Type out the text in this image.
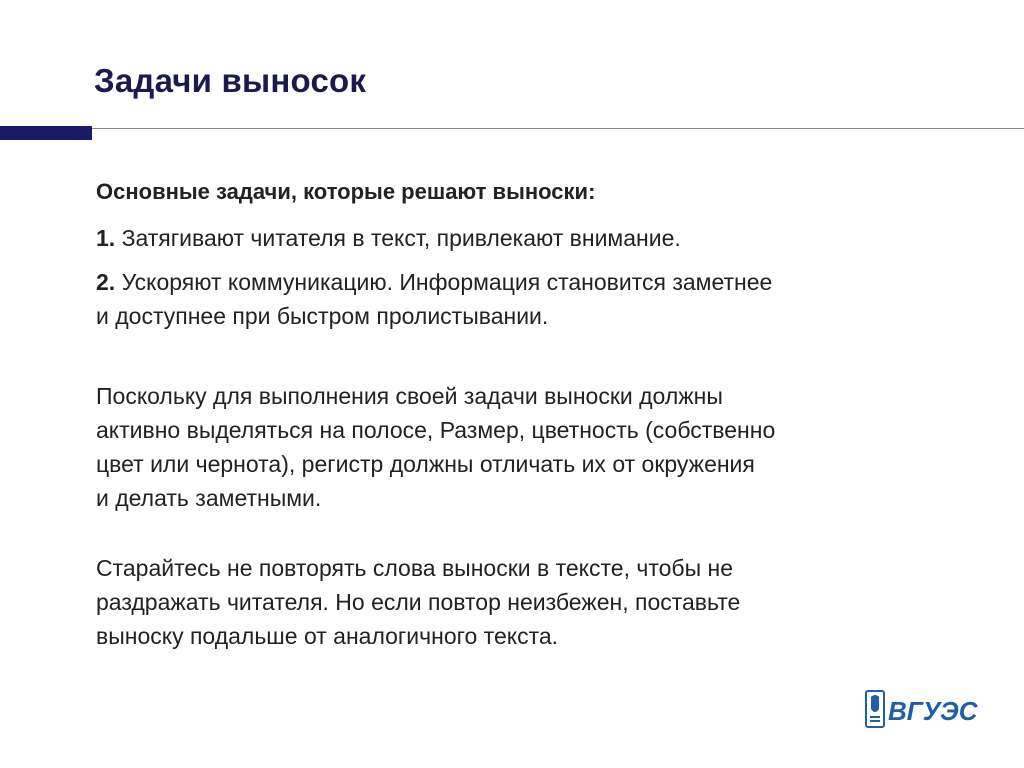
Задачи выносок
Основные задачи, которые решают выноски:
1. Затягивают читателя в текст, привлекают внимание.
2. Ускоряют коммуникацию. Информация становится заметнее
и доступнее при быстром пролистывании.

Поскольку для выполнения своей задачи выноски должны
активно выделяться на полосе, Размер, цветность (собственно
цвет или чернота), регистр должны отличать их от окружения
и делать заметными.

Старайтесь не повторять слова выноски в тексте, чтобы не
раздражать читателя. Но если повтор неизбежен, поставьте
выноску подальше от аналогичного текста.

ВГУЭС
